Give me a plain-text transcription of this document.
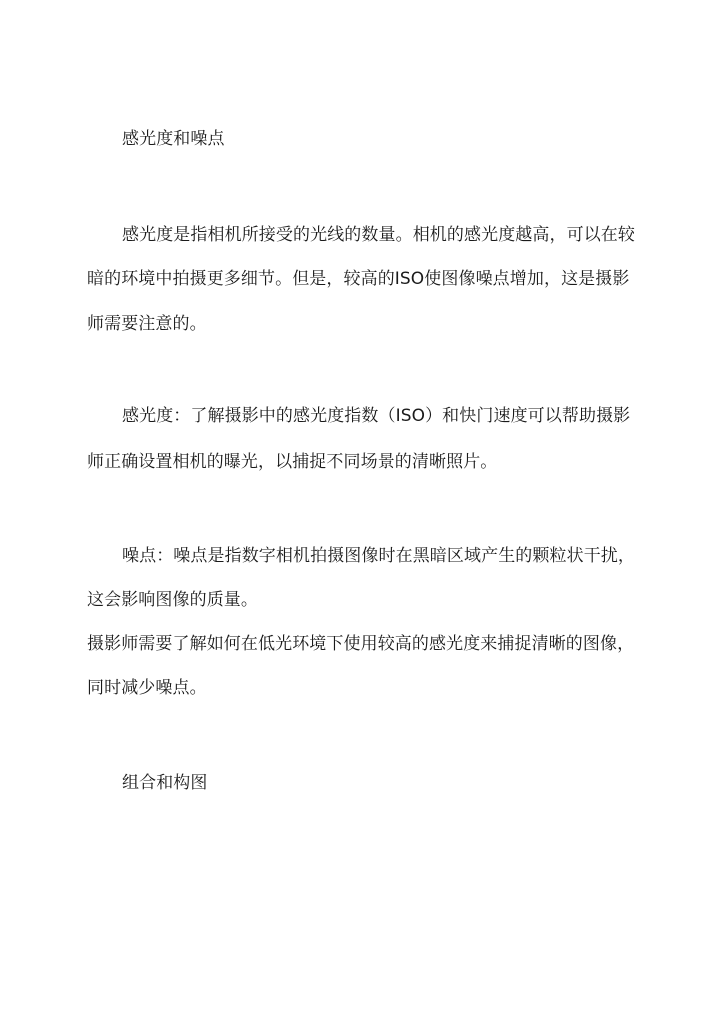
感光度和噪点
感光度是指相机所接受的光线的数量。相机的感光度越高，可以在较
暗的环境中拍摄更多细节。但是，较高的ISO使图像噪点增加，这是摄影
师需要注意的。
感光度：了解摄影中的感光度指数（ISO）和快门速度可以帮助摄影
师正确设置相机的曝光，以捕捉不同场景的清晰照片。
噪点：噪点是指数字相机拍摄图像时在黑暗区域产生的颗粒状干扰，
这会影响图像的质量。
摄影师需要了解如何在低光环境下使用较高的感光度来捕捉清晰的图像，
同时减少噪点。
组合和构图
